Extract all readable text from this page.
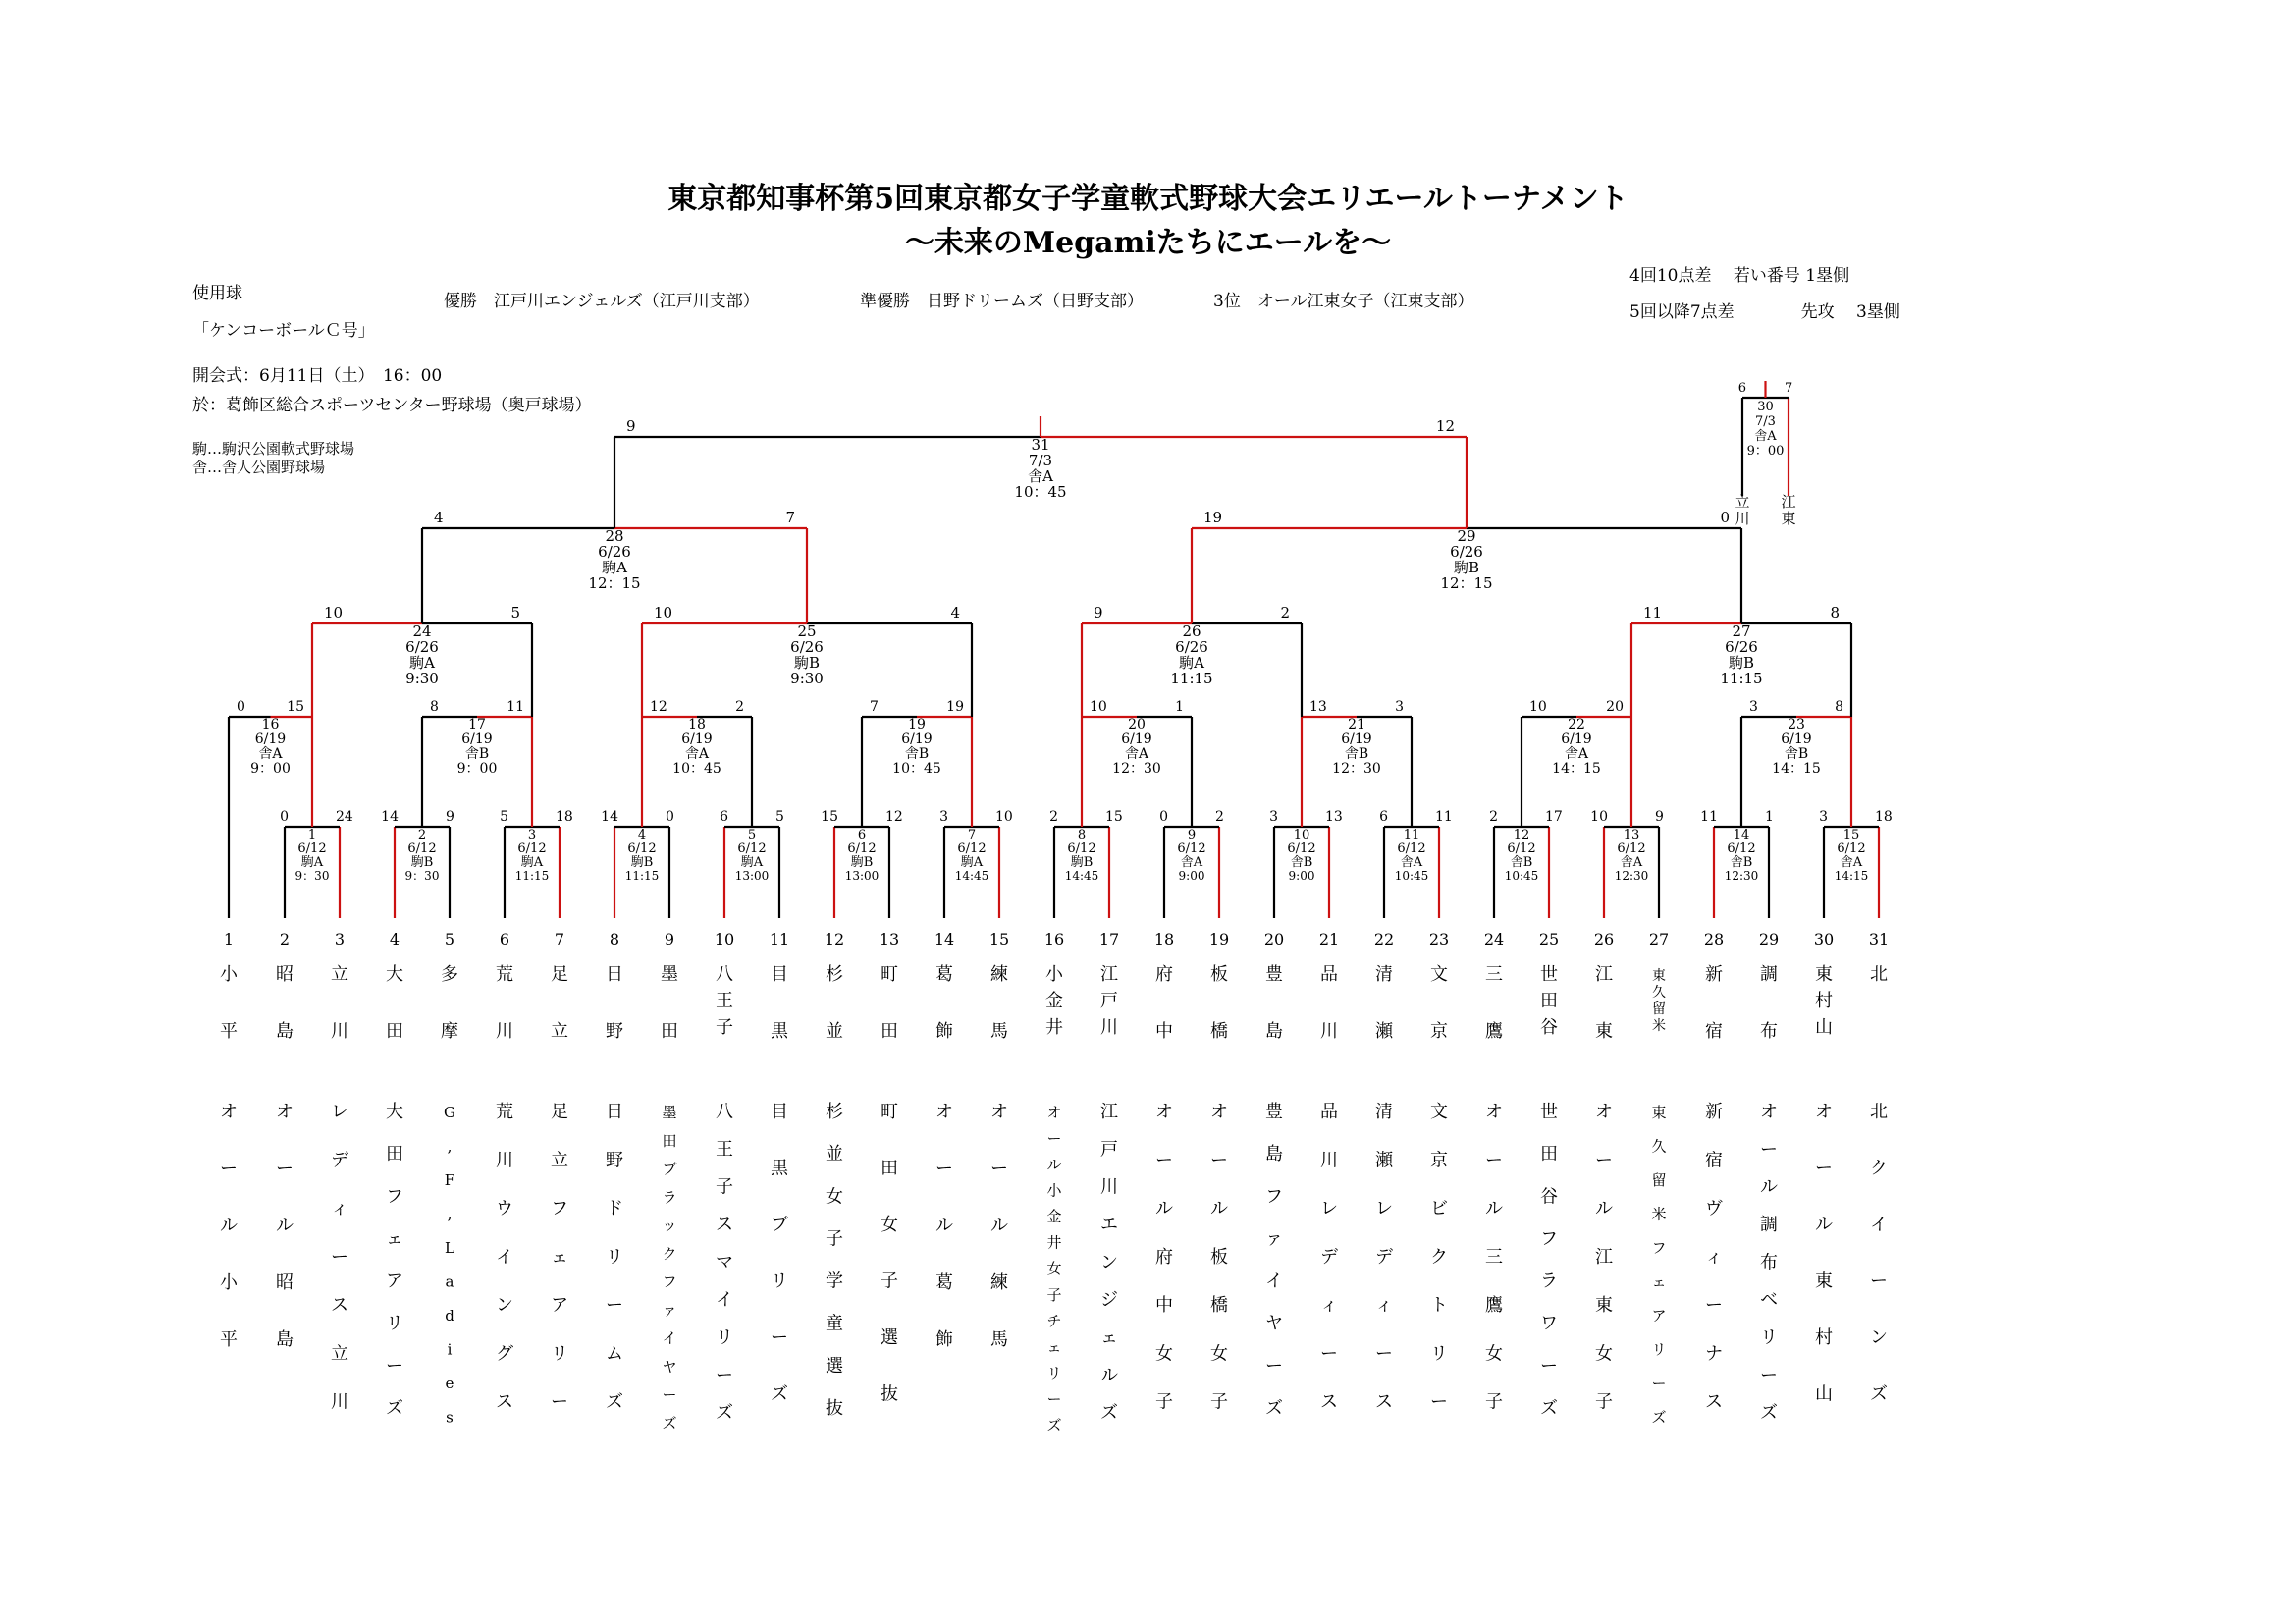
東京都知事杯第5回東京都女子学童軟式野球大会エリエールトーナメント
～未来のMegamiたちにエールを～
使用球
「ケンコーボールＣ号」
優勝　江戸川エンジェルズ（江戸川支部）	準優勝　日野ドリームズ（日野支部）	3位　オール江東女子（江東支部）
4回10点差　 若い番号 1塁側
5回以降7点差　　　　先攻　 3塁側
開会式：6月11日（土）　16：00
於：葛飾区総合スポーツセンター野球場（奥戸球場）
駒…駒沢公園軟式野球場
舎…舎人公園野球場
0	24
1
6/12
駒A
9：30
14	9
2
6/12
駒B
9：30
5	18
3
6/12
駒A
11:15
14	0
4
6/12
駒B
11:15
6	5
5
6/12
駒A
13:00
15	12
6
6/12
駒B
13:00
3	10
7
6/12
駒A
14:45
2	15
8
6/12
駒B
14:45
0	2
9
6/12
舎A
9:00
3	13
10
6/12
舎B
9:00
6	11
11
6/12
舎A
10:45
2	17
12
6/12
舎B
10:45
10	9
13
6/12
舎A
12:30
11	1
14
6/12
舎B
12:30
3	18
15
6/12
舎A
14:15
0	15
16
6/19
舎A
9：00
8	11
17
6/19
舎B
9：00
12	2
18
6/19
舎A
10：45
7	19
19
6/19
舎B
10：45
10	1
20
6/19
舎A
12：30
13	3
21
6/19
舎B
12：30
10	20
22
6/19
舎A
14：15
3	8
23
6/19
舎B
14：15
10	5
24
6/26
駒A
9:30
10	4
25
6/26
駒B
9:30
9	2
26
6/26
駒A
11:15
11	8
27
6/26
駒B
11:15
4	7
28
6/26
駒A
12：15
19	0
29
6/26
駒B
12：15
9	12
31
7/3
舎A
10：45
6	7
30
7/3
舎A
9：00
立
川
江
東
1
小
平
オ
ー
ル
小
平
2
昭
島
オ
ー
ル
昭
島
3
立
川
レ
デ
ィ
ー
ス
立
川
4
大
田
大
田
フ
ェ
ア
リ
ー
ズ
5
多
摩
G
,
F
,
L
a
d
i
e
s
6
荒
川
荒
川
ウ
イ
ン
グ
ス
7
足
立
足
立
フ
ェ
ア
リ
ー
8
日
野
日
野
ド
リ
ー
ム
ズ
9
墨
田
墨
田
ブ
ラ
ッ
ク
フ
ァ
イ
ヤ
ー
ズ
10
八
王
子
八
王
子
ス
マ
イ
リ
ー
ズ
11
目
黒
目
黒
ブ
リ
ー
ズ
12
杉
並
杉
並
女
子
学
童
選
抜
13
町
田
町
田
女
子
選
抜
14
葛
飾
オ
ー
ル
葛
飾
15
練
馬
オ
ー
ル
練
馬
16
小
金
井
オ
ー
ル
小
金
井
女
子
チ
ェ
リ
ー
ズ
17
江
戸
川
江
戸
川
エ
ン
ジ
ェ
ル
ズ
18
府
中
オ
ー
ル
府
中
女
子
19
板
橋
オ
ー
ル
板
橋
女
子
20
豊
島
豊
島
フ
ァ
イ
ヤ
ー
ズ
21
品
川
品
川
レ
デ
ィ
ー
ス
22
清
瀬
清
瀬
レ
デ
ィ
ー
ス
23
文
京
文
京
ビ
ク
ト
リ
ー
24
三
鷹
オ
ー
ル
三
鷹
女
子
25
世
田
谷
世
田
谷
フ
ラ
ワ
ー
ズ
26
江
東
オ
ー
ル
江
東
女
子
27
東
久
留
米
東
久
留
米
フ
ェ
ア
リ
ー
ズ
28
新
宿
新
宿
ヴ
ィ
ー
ナ
ス
29
調
布
オ
ー
ル
調
布
ベ
リ
ー
ズ
30
東
村
山
オ
ー
ル
東
村
山
31
北
北
ク
イ
ー
ン
ズ
